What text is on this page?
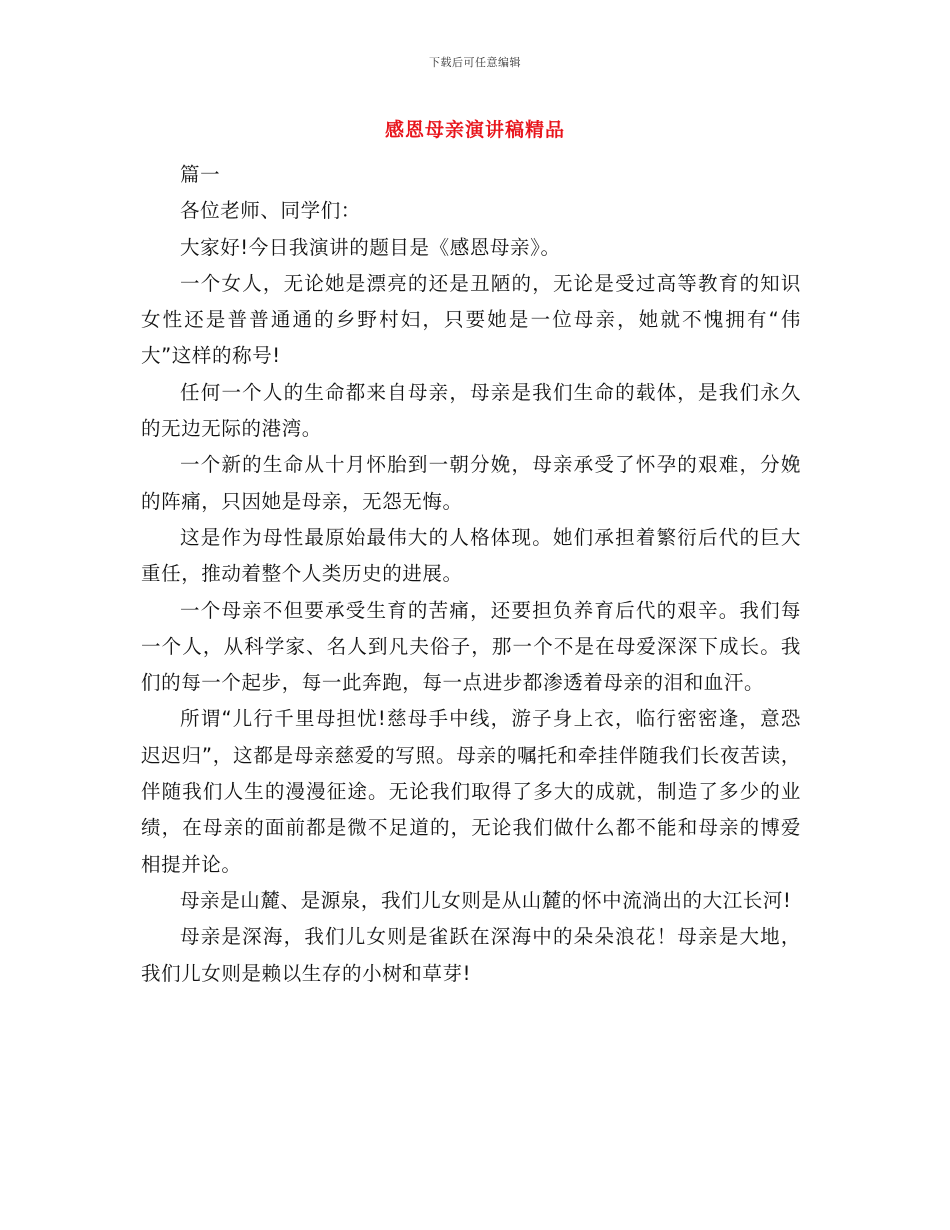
下载后可任意编辑
感恩母亲演讲稿精品

篇一

各位老师、同学们：

大家好!今日我演讲的题目是《感恩母亲》。

一个女人，无论她是漂亮的还是丑陋的，无论是受过高等教育的知识女性还是普普通通的乡野村妇，只要她是一位母亲，她就不愧拥有“伟大”这样的称号!

任何一个人的生命都来自母亲，母亲是我们生命的载体，是我们永久的无边无际的港湾。

一个新的生命从十月怀胎到一朝分娩，母亲承受了怀孕的艰难，分娩的阵痛，只因她是母亲，无怨无悔。

这是作为母性最原始最伟大的人格体现。她们承担着繁衍后代的巨大重任，推动着整个人类历史的进展。

一个母亲不但要承受生育的苦痛，还要担负养育后代的艰辛。我们每一个人，从科学家、名人到凡夫俗子，那一个不是在母爱深深下成长。我们的每一个起步，每一此奔跑，每一点进步都渗透着母亲的泪和血汗。

所谓“儿行千里母担忧!慈母手中线，游子身上衣，临行密密逢，意恐迟迟归”，这都是母亲慈爱的写照。母亲的嘱托和牵挂伴随我们长夜苦读，伴随我们人生的漫漫征途。无论我们取得了多大的成就，制造了多少的业绩，在母亲的面前都是微不足道的，无论我们做什么都不能和母亲的博爱相提并论。

母亲是山麓、是源泉，我们儿女则是从山麓的怀中流淌出的大江长河!

母亲是深海，我们儿女则是雀跃在深海中的朵朵浪花！母亲是大地，我们儿女则是赖以生存的小树和草芽!
